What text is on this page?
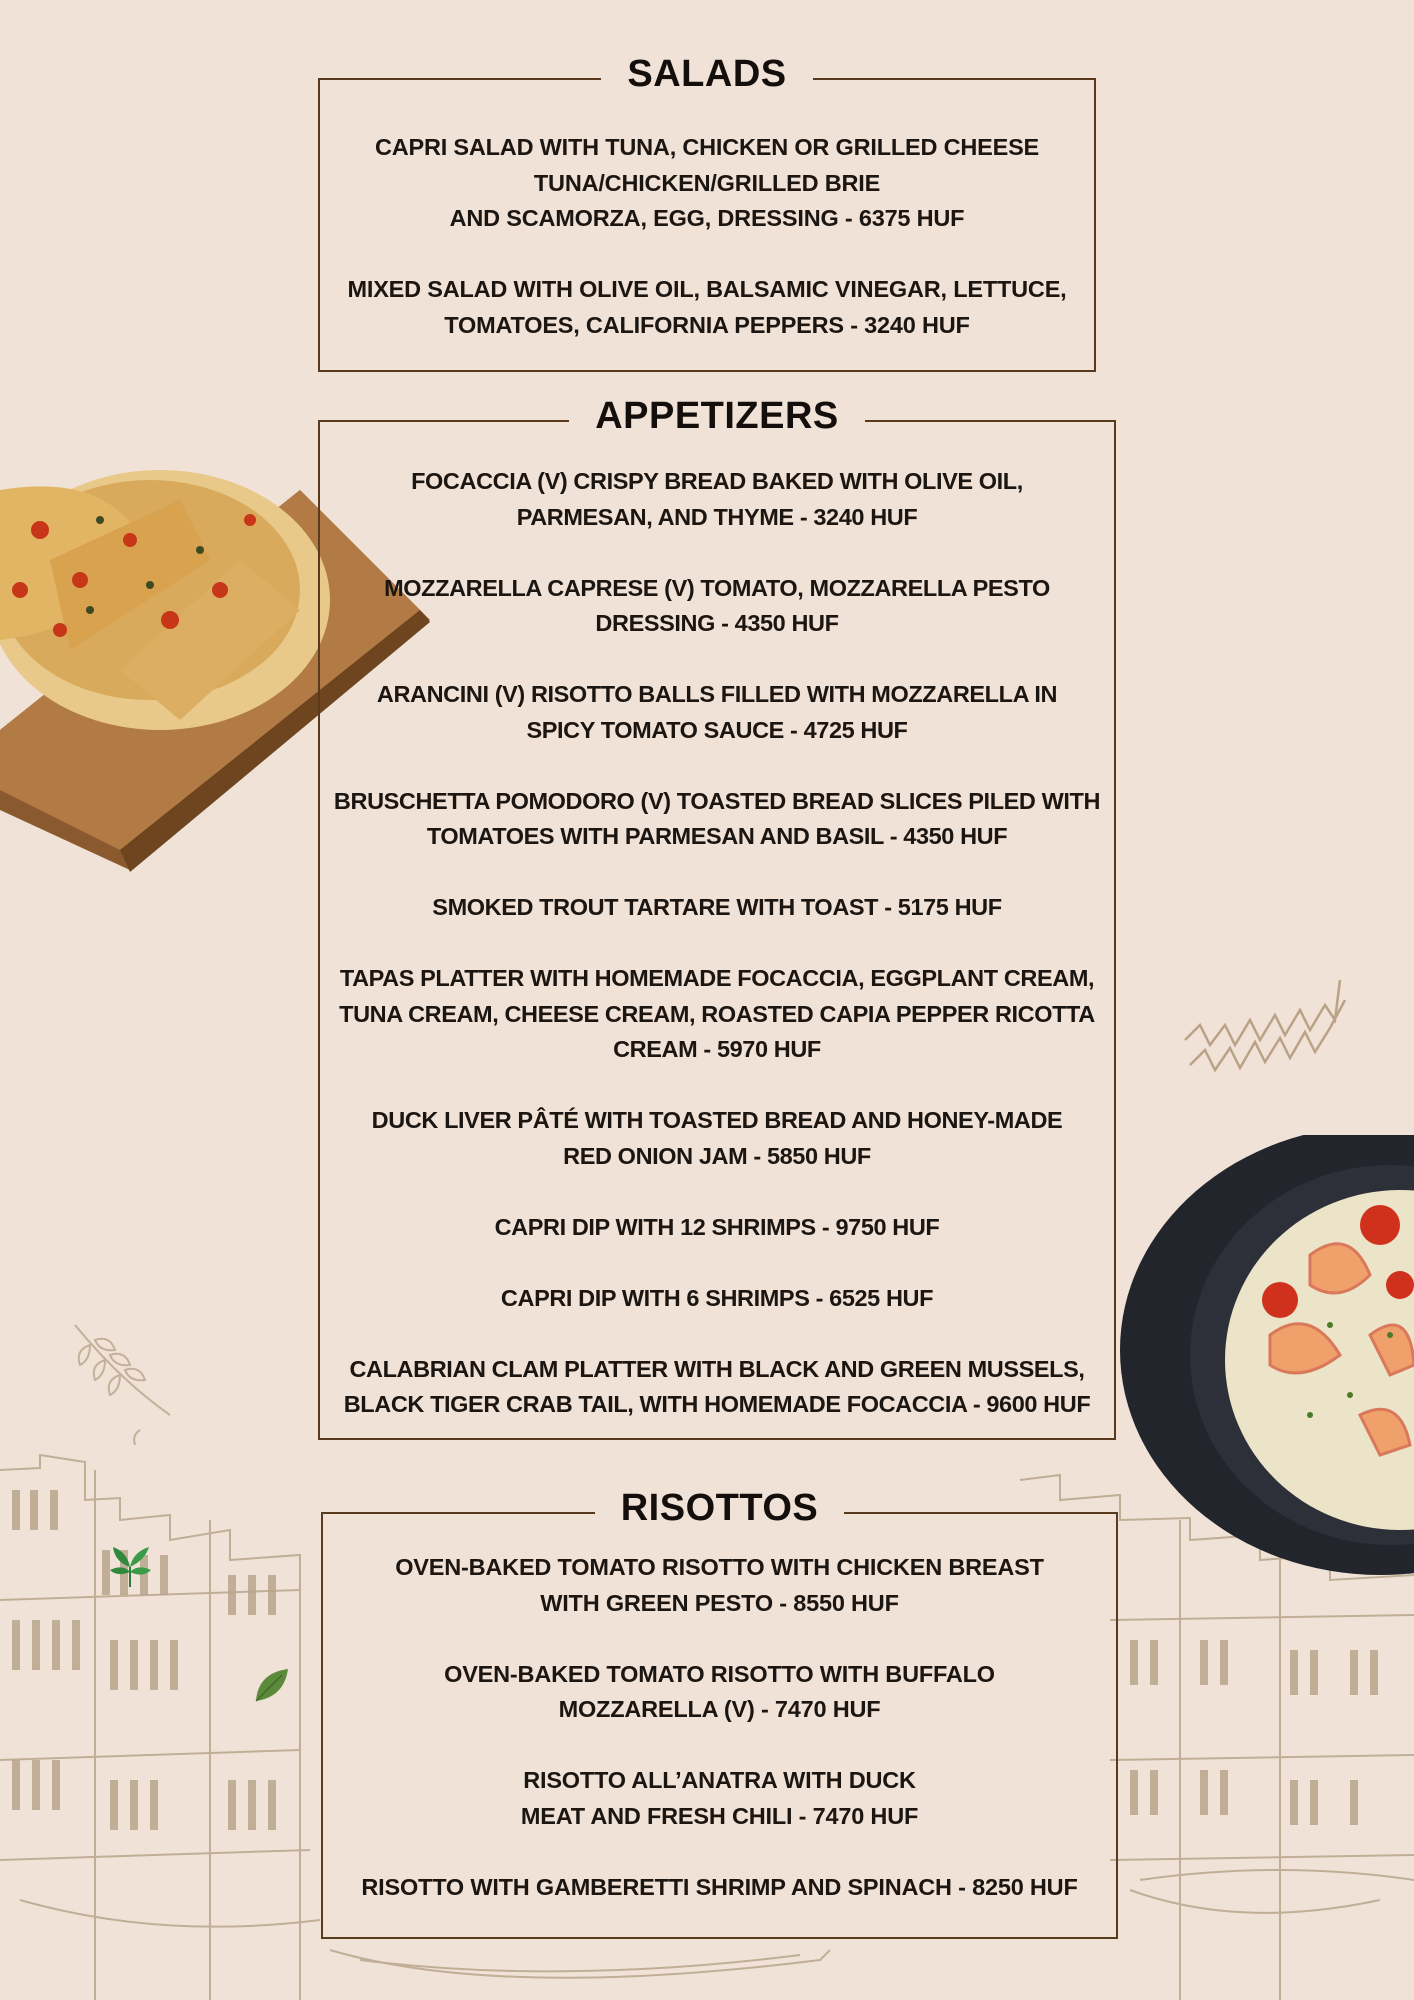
SALADS
CAPRI SALAD WITH TUNA, CHICKEN OR GRILLED CHEESE
TUNA/CHICKEN/GRILLED BRIE
AND SCAMORZA, EGG, DRESSING - 6375 HUF
MIXED SALAD WITH OLIVE OIL, BALSAMIC VINEGAR, LETTUCE,
TOMATOES, CALIFORNIA PEPPERS - 3240 HUF
APPETIZERS
FOCACCIA (V) CRISPY BREAD BAKED WITH OLIVE OIL,
PARMESAN, AND THYME - 3240 HUF
MOZZARELLA CAPRESE (V) TOMATO, MOZZARELLA PESTO
DRESSING - 4350 HUF
ARANCINI (V) RISOTTO BALLS FILLED WITH MOZZARELLA IN
SPICY TOMATO SAUCE - 4725 HUF
BRUSCHETTA POMODORO (V) TOASTED BREAD SLICES PILED WITH
TOMATOES WITH PARMESAN AND BASIL - 4350 HUF
SMOKED TROUT TARTARE WITH TOAST - 5175 HUF
TAPAS PLATTER WITH HOMEMADE FOCACCIA, EGGPLANT CREAM,
TUNA CREAM, CHEESE CREAM, ROASTED CAPIA PEPPER RICOTTA
CREAM - 5970 HUF
DUCK LIVER PÂTÉ WITH TOASTED BREAD AND HONEY-MADE
RED ONION JAM - 5850 HUF
CAPRI DIP WITH 12 SHRIMPS - 9750 HUF
CAPRI DIP WITH 6 SHRIMPS - 6525 HUF
CALABRIAN CLAM PLATTER WITH BLACK AND GREEN MUSSELS,
BLACK TIGER CRAB TAIL, WITH HOMEMADE FOCACCIA - 9600 HUF
RISOTTOS
OVEN-BAKED TOMATO RISOTTO WITH CHICKEN BREAST
WITH GREEN PESTO - 8550 HUF
OVEN-BAKED TOMATO RISOTTO WITH BUFFALO
MOZZARELLA (V) - 7470 HUF
RISOTTO ALL’ANATRA WITH DUCK
MEAT AND FRESH CHILI - 7470 HUF
RISOTTO WITH GAMBERETTI SHRIMP AND SPINACH - 8250 HUF
